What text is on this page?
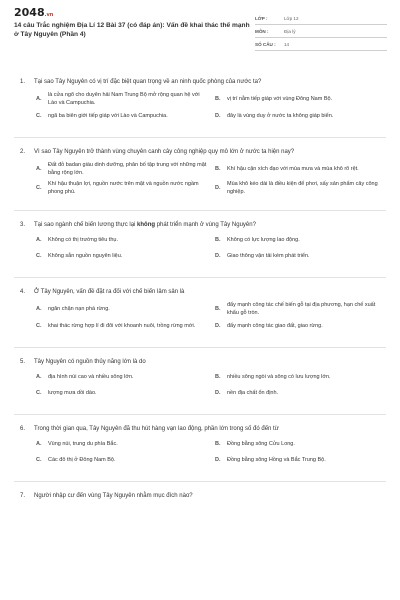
2048.vn
14 câu Trắc nghiệm Địa Lí 12 Bài 37 (có đáp án): Vấn đề khai thác thế mạnh ở Tây Nguyên (Phần 4)
LỚP :	Lớp 12
MÔN :	Địa lý
SỐ CÂU :	14
1.	Tại sao Tây Nguyên có vị trí đặc biệt quan trọng về an ninh quốc phòng của nước ta?
A.
là cửa ngõ cho duyên hải Nam Trung Bộ mở rộng quan hệ với Lào và Campuchia.
B.	vị trí nằm tiếp giáp với vùng Đông Nam Bộ.
C.	ngã ba biên giới tiếp giáp với Lào và Campuchia.	D.	đây là vùng duy ở nước ta không giáp biển.
2.	Vì sao Tây Nguyên trở thành vùng chuyên canh cây công nghiệp quy mô lớn ở nước ta hiện nay?
A.
Đất đỏ badan giàu dinh dưỡng, phân bố tập trung với những mặt bằng rộng lớn.
B.	Khí hậu cận xích đạo với mùa mưa và mùa khô rõ rệt.
C.
Khí hậu thuận lợi, nguồn nước trên mặt và nguồn nước ngầm phong phú.
D.
Mùa khô kéo dài là điều kiện để phơi, sấy sản phẩm cây công nghiệp.
3.	Tại sao ngành chế biến lương thực lại không phát triển mạnh ở vùng Tây Nguyên?
A.	Không có thị trường tiêu thụ.	B.	Không có lực lượng lao động.
C.	Không sẵn nguồn nguyên liệu.	D.	Giao thông vận tải kém phát triển.
4.	Ở Tây Nguyên, vấn đề đặt ra đối với chế biến lâm sản là
A.	ngăn chặn nạn phá rừng.	B.
đẩy mạnh công tác chế biến gỗ tại địa phương, hạn chế xuất khẩu gỗ tròn.
C.	khai thác rừng hợp lí đi đôi với khoanh nuôi, trồng rừng mới.	D.	đẩy mạnh công tác giao đất, giao rừng.
5.	Tây Nguyên có nguồn thủy năng lớn là do
A.	địa hình núi cao và nhiều sông lớn.	B.	nhiều sông ngòi và sông có lưu lượng lớn.
C.	lượng mưa dồi dào.	D.	nền địa chất ổn định.
6.	Trong thời gian qua, Tây Nguyên đã thu hút hàng vạn lao động, phần lớn trong số đó đến từ
A.	Vùng núi, trung du phía Bắc.	B.	Đồng bằng sông Cửu Long.
C.	Các đô thị ở Đông Nam Bộ.	D.	Đồng bằng sông Hồng và Bắc Trung Bộ.
7.	Người nhập cư đến vùng Tây Nguyên nhằm mục đích nào?
